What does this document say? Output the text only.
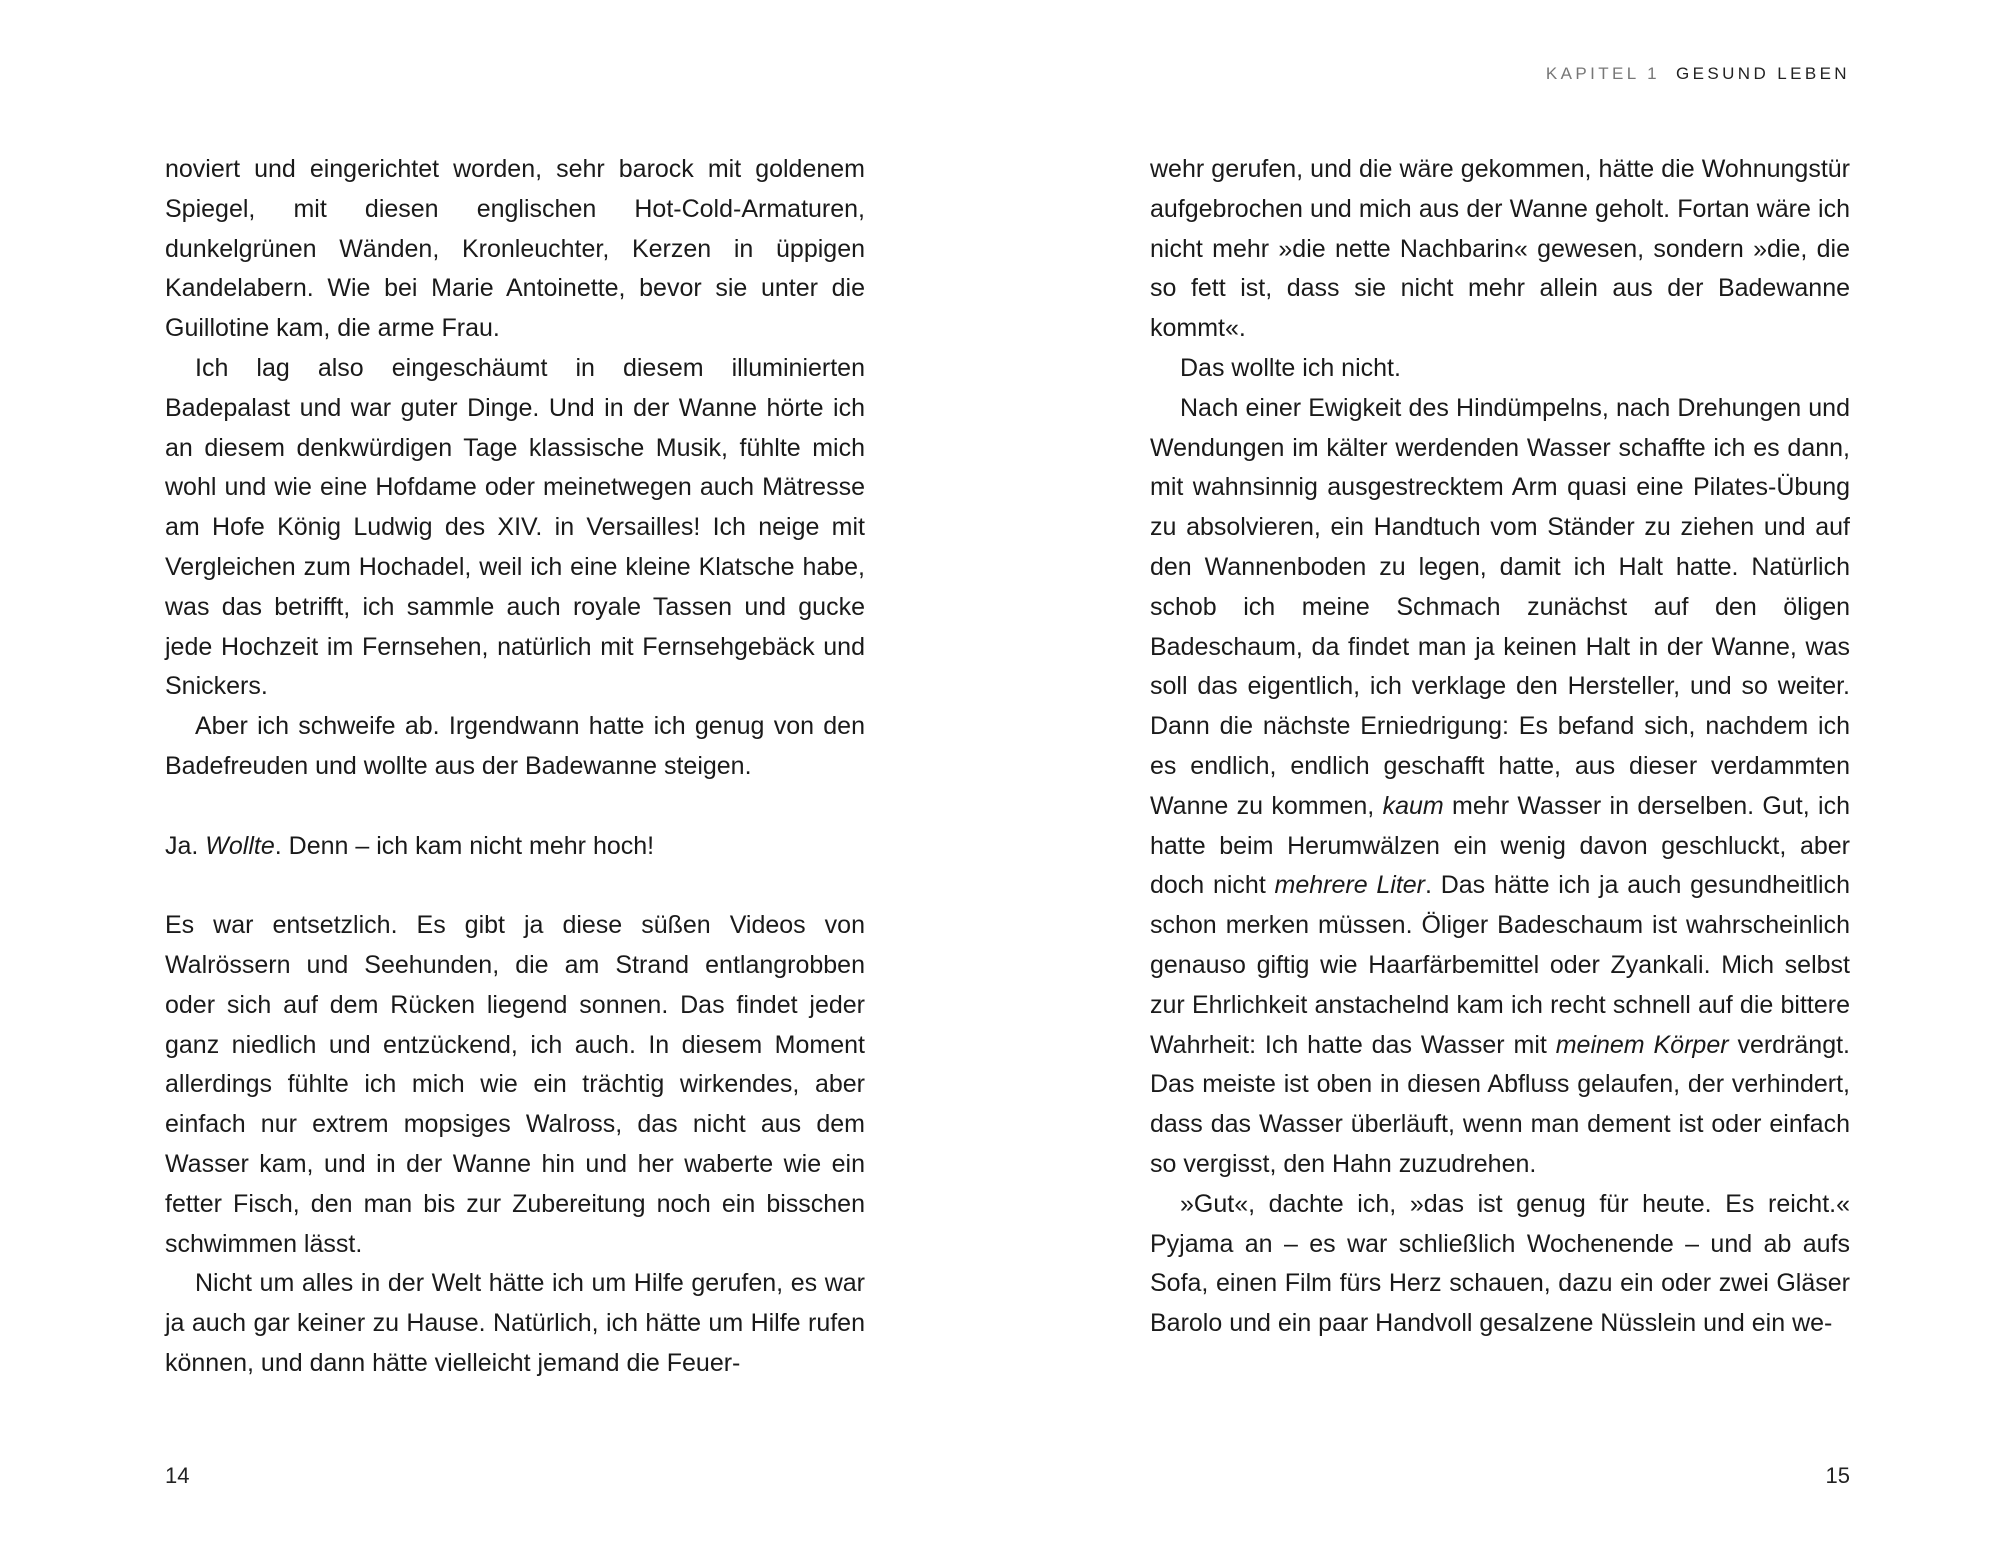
noviert und eingerichtet worden, sehr barock mit goldenem Spiegel, mit diesen englischen Hot-Cold-Armaturen, dunkelgrünen Wänden, Kronleuchter, Kerzen in üppigen Kandelabern. Wie bei Marie Antoinette, bevor sie unter die Guillotine kam, die arme Frau.

Ich lag also eingeschäumt in diesem illuminierten Badepalast und war guter Dinge. Und in der Wanne hörte ich an diesem denkwürdigen Tage klassische Musik, fühlte mich wohl und wie eine Hofdame oder meinetwegen auch Mätresse am Hofe König Ludwig des XIV. in Versailles! Ich neige mit Vergleichen zum Hochadel, weil ich eine kleine Klatsche habe, was das betrifft, ich sammle auch royale Tassen und gucke jede Hochzeit im Fernsehen, natürlich mit Fernsehgebäck und Snickers.

Aber ich schweife ab. Irgendwann hatte ich genug von den Badefreuden und wollte aus der Badewanne steigen.

Ja. Wollte. Denn – ich kam nicht mehr hoch!

Es war entsetzlich. Es gibt ja diese süßen Videos von Walrössern und Seehunden, die am Strand entlangrobben oder sich auf dem Rücken liegend sonnen. Das findet jeder ganz niedlich und entzückend, ich auch. In diesem Moment allerdings fühlte ich mich wie ein trächtig wirkendes, aber einfach nur extrem mopsiges Walross, das nicht aus dem Wasser kam, und in der Wanne hin und her waberte wie ein fetter Fisch, den man bis zur Zubereitung noch ein bisschen schwimmen lässt.

Nicht um alles in der Welt hätte ich um Hilfe gerufen, es war ja auch gar keiner zu Hause. Natürlich, ich hätte um Hilfe rufen können, und dann hätte vielleicht jemand die Feuer-

14
KAPITEL 1 GESUND LEBEN

wehr gerufen, und die wäre gekommen, hätte die Wohnungstür aufgebrochen und mich aus der Wanne geholt. Fortan wäre ich nicht mehr »die nette Nachbarin« gewesen, sondern »die, die so fett ist, dass sie nicht mehr allein aus der Badewanne kommt«.

Das wollte ich nicht.

Nach einer Ewigkeit des Hindümpelns, nach Drehungen und Wendungen im kälter werdenden Wasser schaffte ich es dann, mit wahnsinnig ausgestrecktem Arm quasi eine Pilates-Übung zu absolvieren, ein Handtuch vom Ständer zu ziehen und auf den Wannenboden zu legen, damit ich Halt hatte. Natürlich schob ich meine Schmach zunächst auf den öligen Badeschaum, da findet man ja keinen Halt in der Wanne, was soll das eigentlich, ich verklage den Hersteller, und so weiter. Dann die nächste Erniedrigung: Es befand sich, nachdem ich es endlich, endlich geschafft hatte, aus dieser verdammten Wanne zu kommen, kaum mehr Wasser in derselben. Gut, ich hatte beim Herumwälzen ein wenig davon geschluckt, aber doch nicht mehrere Liter. Das hätte ich ja auch gesundheitlich schon merken müssen. Öliger Badeschaum ist wahrscheinlich genauso giftig wie Haarfärbemittel oder Zyankali. Mich selbst zur Ehrlichkeit anstachelnd kam ich recht schnell auf die bittere Wahrheit: Ich hatte das Wasser mit meinem Körper verdrängt. Das meiste ist oben in diesen Abfluss gelaufen, der verhindert, dass das Wasser überläuft, wenn man dement ist oder einfach so vergisst, den Hahn zuzudrehen.

»Gut«, dachte ich, »das ist genug für heute. Es reicht.« Pyjama an – es war schließlich Wochenende – und ab aufs Sofa, einen Film fürs Herz schauen, dazu ein oder zwei Gläser Barolo und ein paar Handvoll gesalzene Nüsslein und ein we-

15
